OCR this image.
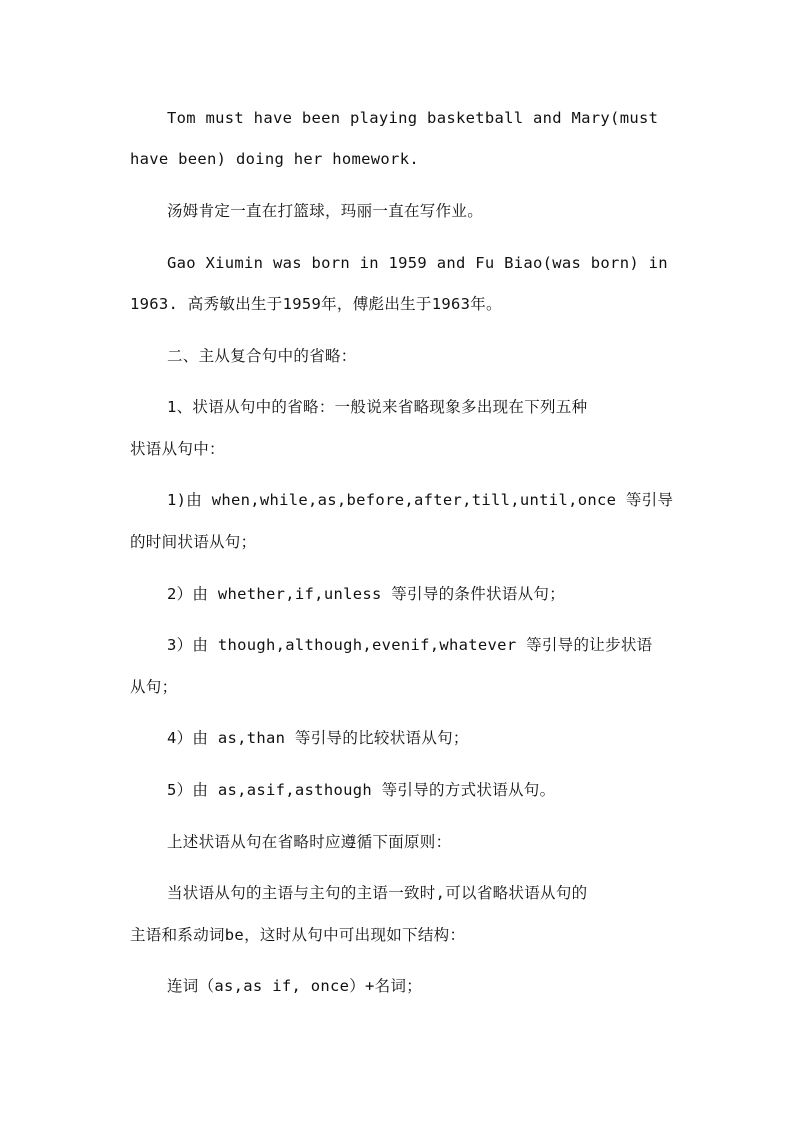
Tom must have been playing basketball and Mary(must
have been) doing her homework.
汤姆肯定一直在打篮球，玛丽一直在写作业。
Gao Xiumin was born in 1959 and Fu Biao(was born) in
1963. 高秀敏出生于1959年，傅彪出生于1963年。
二、主从复合句中的省略：
1、状语从句中的省略：一般说来省略现象多出现在下列五种
状语从句中：
1)由 when,while,as,before,after,till,until,once 等引导
的时间状语从句；
2）由 whether,if,unless 等引导的条件状语从句；
3）由 though,although,evenif,whatever 等引导的让步状语
从句；
4）由 as,than 等引导的比较状语从句；
5）由 as,asif,asthough 等引导的方式状语从句。
上述状语从句在省略时应遵循下面原则：
当状语从句的主语与主句的主语一致时,可以省略状语从句的
主语和系动词be，这时从句中可出现如下结构：
连词（as,as if, once）+名词；
